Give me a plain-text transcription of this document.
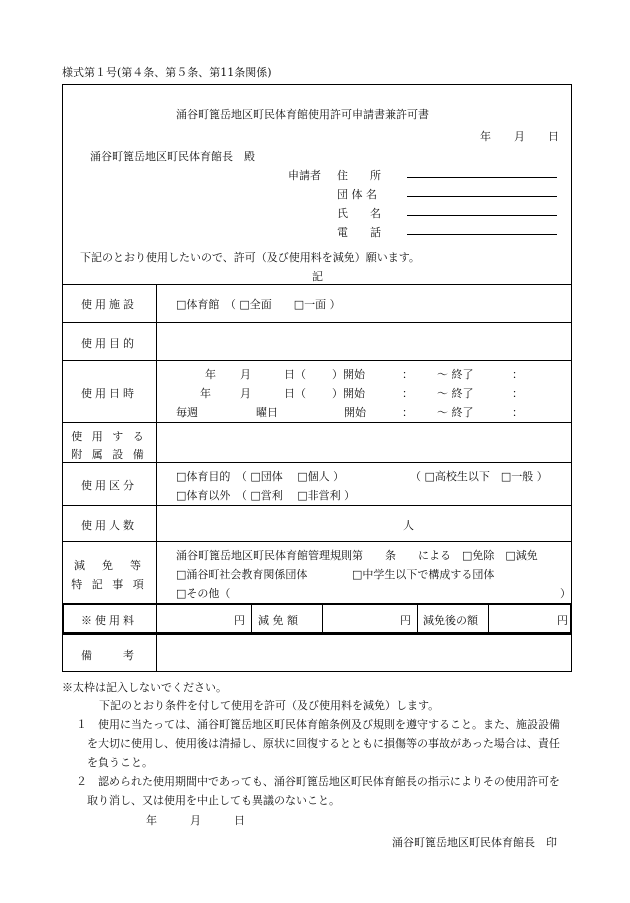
様式第１号(第４条、第５条、第11条関係)
涌谷町篦岳地区町民体育館使用許可申請書兼許可書
年 月 日
涌谷町篦岳地区町民体育館長　殿
申請者 住　　所
団 体 名
氏　　名
電　　話
下記のとおり使用したいので、許可（及び使用料を減免）願います。
記
使用施設	□体育館　（ □全面　　□一面 ）
使用目的
使用日時
年 月	日（ ）開始	： ～ 終了	：
年	月	日（ ）開始	： ～ 終了	：
毎週	曜日	開始	： ～ 終了	：
使 用 す る
附 属 設 備
使用区分
□体育目的　（ □団体　 □個人 ）	（ □高校生以下　□一般 ）
□体育以外　（ □営利　 □非営利 ）
使用人数	人
減　免　等
特 記 事 項
涌谷町篦岳地区町民体育館管理規則第　　条　　による　□免除　□減免
□涌谷町社会教育関係団体	□中学生以下で構成する団体
□その他（	）
※使用料	円 減 免 額	円 減免後の額	円
備　　考
※太枠は記入しないでください。
下記のとおり条件を付して使用を許可（及び使用料を減免）します。
１　使用に当たっては、涌谷町篦岳地区町民体育館条例及び規則を遵守すること。また、施設設備
を大切に使用し、使用後は清掃し、原状に回復するとともに損傷等の事故があった場合は、責任
を負うこと。
２　認められた使用期間中であっても、涌谷町篦岳地区町民体育館長の指示によりその使用許可を
取り消し、又は使用を中止しても異議のないこと。
年	月	日
涌谷町篦岳地区町民体育館長　印
